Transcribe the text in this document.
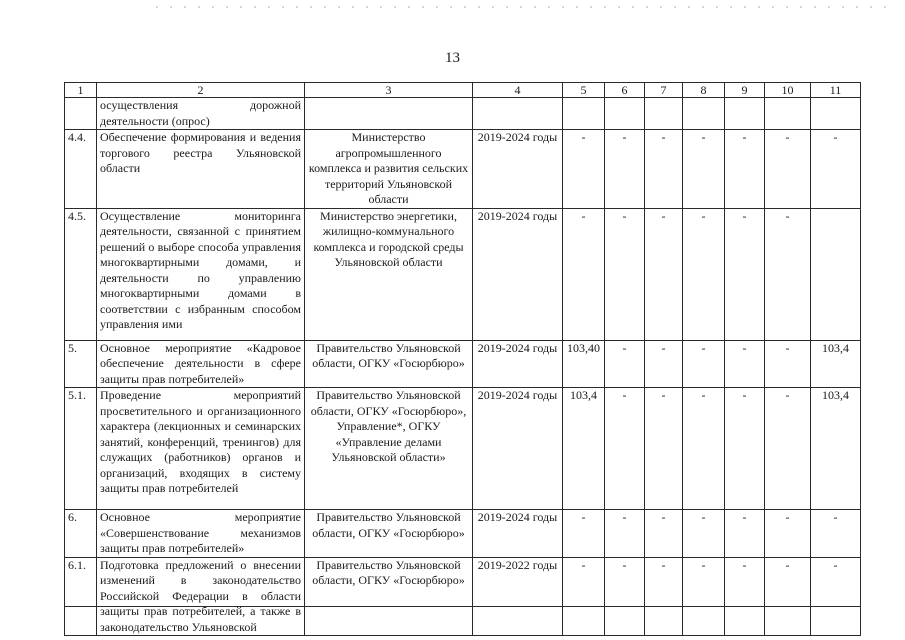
13
1	2	3	4	5	6	7	8	9	10	11
	осуществления дорожной деятельности (опрос)									
4.4.	Обеспечение формирования и ведения торгового реестра Ульяновской области	Министерство агропромышленного комплекса и развития сельских территорий Ульяновской области	2019-2024 годы	-	-	-	-	-	-	-
4.5.	Осуществление мониторинга деятельности, связанной с принятием решений о выборе способа управления многоквартирными домами, и деятельности по управлению многоквартирными домами в соответствии с избранным способом управления ими	Министерство энергетики, жилищно-коммунального комплекса и городской среды Ульяновской области	2019-2024 годы	-	-	-	-	-	-	
5.	Основное мероприятие «Кадровое обеспечение деятельности в сфере защиты прав потребителей»	Правительство Ульяновской области, ОГКУ «Госюрбюро»	2019-2024 годы	103,40	-	-	-	-	-	103,4
5.1.	Проведение мероприятий просветительного и организационного характера (лекционных и семинарских занятий, конференций, тренингов) для служащих (работников) органов и организаций, входящих в систему защиты прав потребителей	Правительство Ульяновской области, ОГКУ «Госюрбюро», Управление*, ОГКУ «Управление делами Ульяновской области»	2019-2024 годы	103,4	-	-	-	-	-	103,4
6.	Основное мероприятие «Совершенствование механизмов защиты прав потребителей»	Правительство Ульяновской области, ОГКУ «Госюрбюро»	2019-2024 годы	-	-	-	-	-	-	-
6.1.	Подготовка предложений о внесении изменений в законодательство Российской Федерации в области защиты прав потребителей, а также в законодательство Ульяновской	Правительство Ульяновской области, ОГКУ «Госюрбюро»	2019-2022 годы	-	-	-	-	-	-	-
